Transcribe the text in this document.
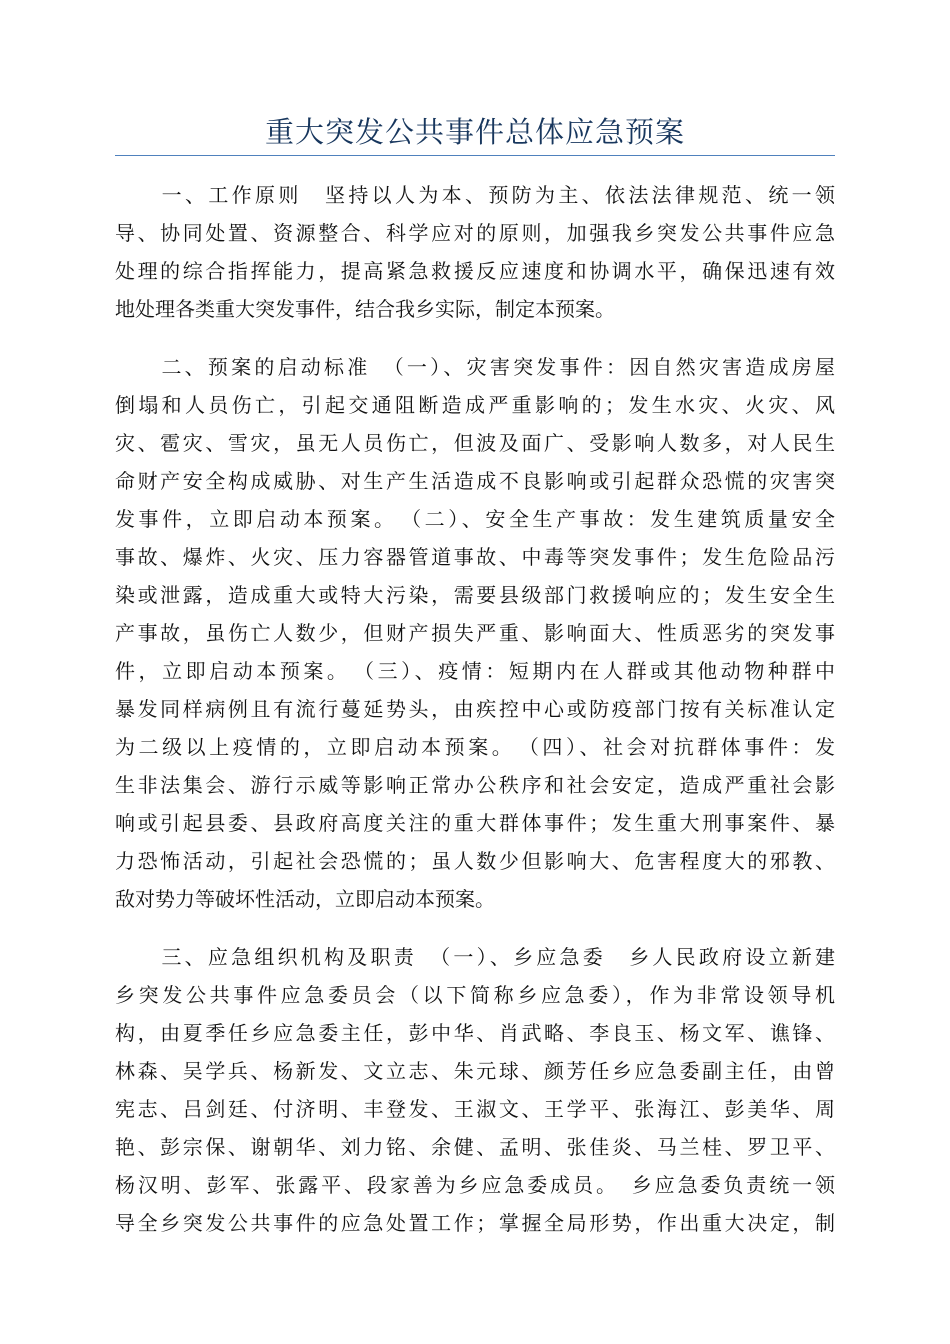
重大突发公共事件总体应急预案
　　一、工作原则　坚持以人为本、预防为主、依法法律规范、统一领
导、协同处置、资源整合、科学应对的原则，加强我乡突发公共事件应急
处理的综合指挥能力，提高紧急救援反应速度和协调水平，确保迅速有效
地处理各类重大突发事件，结合我乡实际，制定本预案。
　　二、预案的启动标准　（一）、灾害突发事件：因自然灾害造成房屋
倒塌和人员伤亡，引起交通阻断造成严重影响的；发生水灾、火灾、风
灾、雹灾、雪灾，虽无人员伤亡，但波及面广、受影响人数多，对人民生
命财产安全构成威胁、对生产生活造成不良影响或引起群众恐慌的灾害突
发事件，立即启动本预案。　（二）、安全生产事故：发生建筑质量安全
事故、爆炸、火灾、压力容器管道事故、中毒等突发事件；发生危险品污
染或泄露，造成重大或特大污染，需要县级部门救援响应的；发生安全生
产事故，虽伤亡人数少，但财产损失严重、影响面大、性质恶劣的突发事
件，立即启动本预案。　（三）、疫情：短期内在人群或其他动物种群中
暴发同样病例且有流行蔓延势头，由疾控中心或防疫部门按有关标准认定
为二级以上疫情的，立即启动本预案。　（四）、社会对抗群体事件：发
生非法集会、游行示威等影响正常办公秩序和社会安定，造成严重社会影
响或引起县委、县政府高度关注的重大群体事件；发生重大刑事案件、暴
力恐怖活动，引起社会恐慌的；虽人数少但影响大、危害程度大的邪教、
敌对势力等破坏性活动，立即启动本预案。
　　三、应急组织机构及职责　（一）、乡应急委　乡人民政府设立新建
乡突发公共事件应急委员会（以下简称乡应急委），作为非常设领导机
构，由夏季任乡应急委主任，彭中华、肖武略、李良玉、杨文军、谯锋、
林森、吴学兵、杨新发、文立志、朱元球、颜芳任乡应急委副主任，由曾
宪志、吕剑廷、付济明、丰登发、王淑文、王学平、张海江、彭美华、周
艳、彭宗保、谢朝华、刘力铭、余健、孟明、张佳炎、马兰桂、罗卫平、
杨汉明、彭军、张露平、段家善为乡应急委成员。　乡应急委负责统一领
导全乡突发公共事件的应急处置工作；掌握全局形势，作出重大决定，制
